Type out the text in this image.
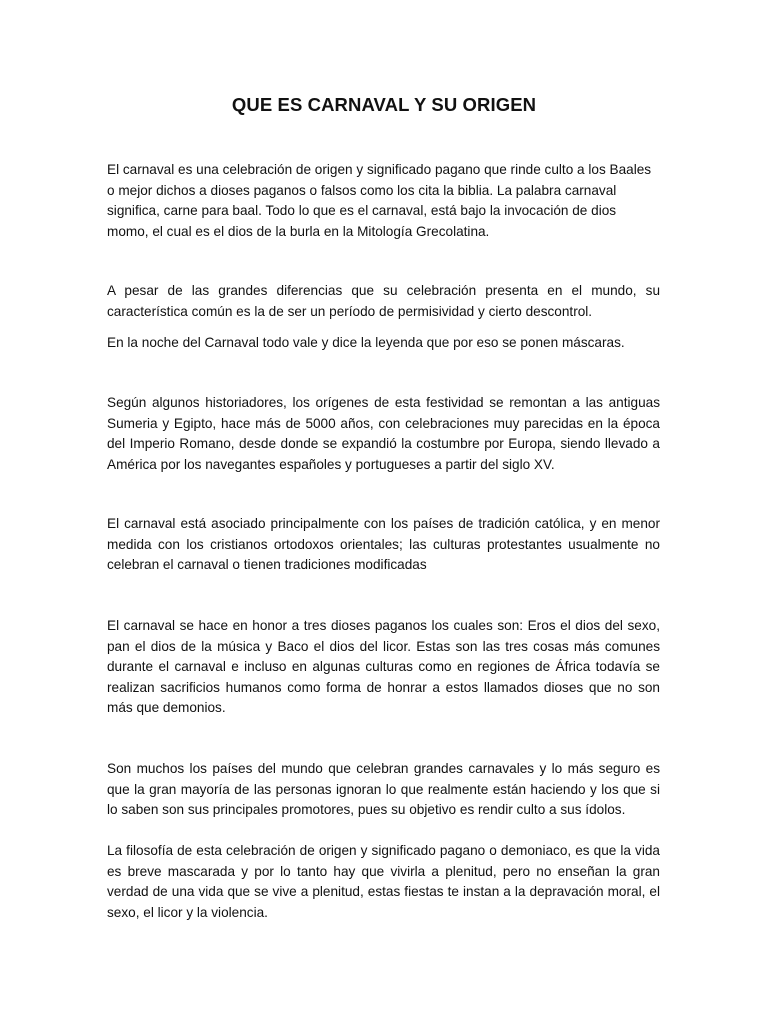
QUE ES CARNAVAL Y SU ORIGEN

El carnaval es una celebración de origen y significado pagano que rinde culto a los Baales o mejor dichos a dioses paganos o falsos como los cita la biblia. La palabra carnaval significa, carne para baal. Todo lo que es el carnaval, está bajo la invocación de dios momo, el cual es el dios de la burla en la Mitología Grecolatina.

A pesar de las grandes diferencias que su celebración presenta en el mundo, su característica común es la de ser un período de permisividad y cierto descontrol.

En la noche del Carnaval todo vale y dice la leyenda que por eso se ponen máscaras.

Según algunos historiadores, los orígenes de esta festividad se remontan a las antiguas Sumeria y Egipto, hace más de 5000 años, con celebraciones muy parecidas en la época del Imperio Romano, desde donde se expandió la costumbre por Europa, siendo llevado a América por los navegantes españoles y portugueses a partir del siglo XV.

El carnaval está asociado principalmente con los países de tradición católica, y en menor medida con los cristianos ortodoxos orientales; las culturas protestantes usualmente no celebran el carnaval o tienen tradiciones modificadas

El carnaval se hace en honor a tres dioses paganos los cuales son: Eros el dios del sexo, pan el dios de la música y Baco el dios del licor. Estas son las tres cosas más comunes durante el carnaval e incluso en algunas culturas como en regiones de África todavía se realizan sacrificios humanos como forma de honrar a estos llamados dioses que no son más que demonios.

Son muchos los países del mundo que celebran grandes carnavales y lo más seguro es que la gran mayoría de las personas ignoran lo que realmente están haciendo y los que si lo saben son sus principales promotores, pues su objetivo es rendir culto a sus ídolos.

La filosofía de esta celebración de origen y significado pagano o demoniaco, es que la vida es breve mascarada y por lo tanto hay que vivirla a plenitud, pero no enseñan la gran verdad de una vida que se vive a plenitud, estas fiestas te instan a la depravación moral, el sexo, el licor y la violencia.
